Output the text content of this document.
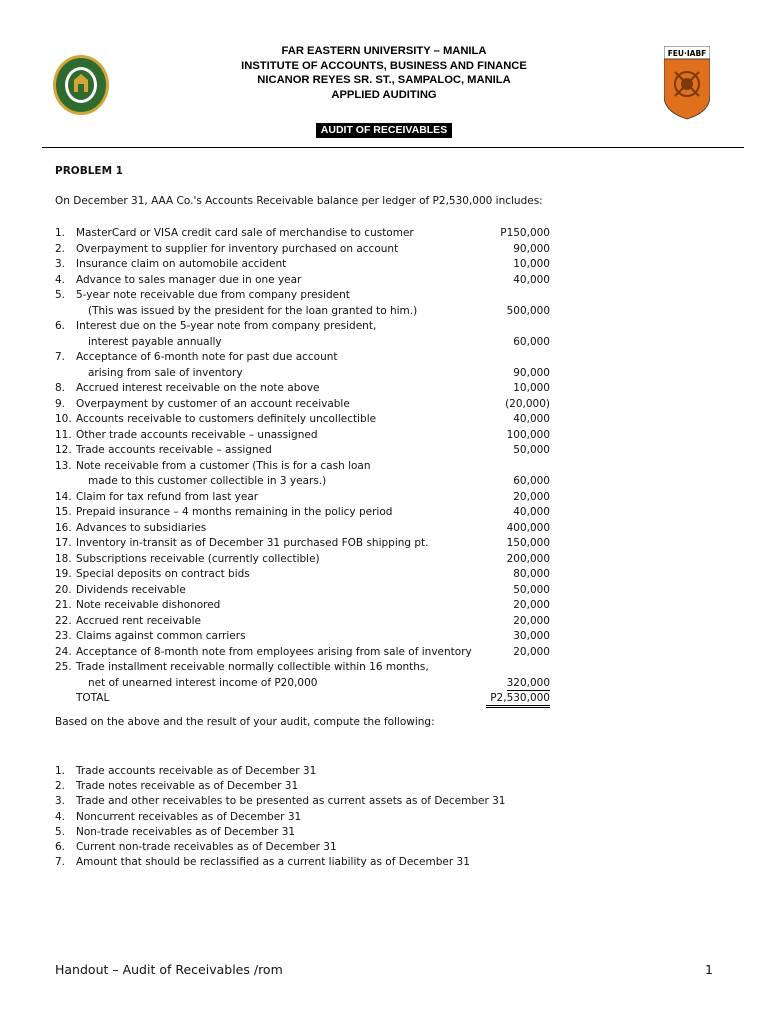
FEU·IABF
FAR EASTERN UNIVERSITY – MANILA
INSTITUTE OF ACCOUNTS, BUSINESS AND FINANCE
NICANOR REYES SR. ST., SAMPALOC, MANILA
APPLIED AUDITING
AUDIT OF RECEIVABLES
PROBLEM 1
On December 31, AAA Co.'s Accounts Receivable balance per ledger of P2,530,000 includes:
1. MasterCard or VISA credit card sale of merchandise to customer	P150,000
2. Overpayment to supplier for inventory purchased on account	90,000
3. Insurance claim on automobile accident	10,000
4. Advance to sales manager due in one year	40,000
5. 5-year note receivable due from company president
(This was issued by the president for the loan granted to him.)	500,000
6. Interest due on the 5-year note from company president,
interest payable annually	60,000
7. Acceptance of 6-month note for past due account
arising from sale of inventory	90,000
8. Accrued interest receivable on the note above	10,000
9. Overpayment by customer of an account receivable	(20,000)
10. Accounts receivable to customers definitely uncollectible	40,000
11. Other trade accounts receivable – unassigned	100,000
12. Trade accounts receivable – assigned	50,000
13. Note receivable from a customer (This is for a cash loan
made to this customer collectible in 3 years.)	60,000
14. Claim for tax refund from last year	20,000
15. Prepaid insurance – 4 months remaining in the policy period	40,000
16. Advances to subsidiaries	400,000
17. Inventory in-transit as of December 31 purchased FOB shipping pt.	150,000
18. Subscriptions receivable (currently collectible)	200,000
19. Special deposits on contract bids	80,000
20. Dividends receivable	50,000
21. Note receivable dishonored	20,000
22. Accrued rent receivable	20,000
23. Claims against common carriers	30,000
24. Acceptance of 8-month note from employees arising from sale of inventory	20,000
25. Trade installment receivable normally collectible within 16 months,
net of unearned interest income of P20,000	320,000
TOTAL	P2,530,000
Based on the above and the result of your audit, compute the following:
1. Trade accounts receivable as of December 31
2. Trade notes receivable as of December 31
3. Trade and other receivables to be presented as current assets as of December 31
4. Noncurrent receivables as of December 31
5. Non-trade receivables as of December 31
6. Current non-trade receivables as of December 31
7. Amount that should be reclassified as a current liability as of December 31
Handout – Audit of Receivables /rom	1
